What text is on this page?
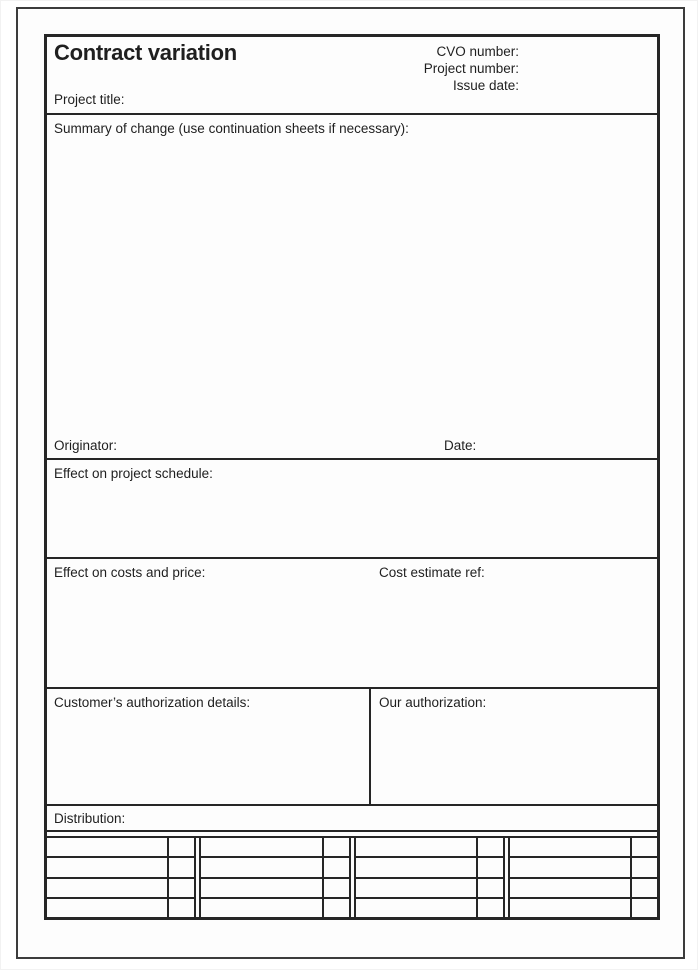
Contract variation
Project title:
CVO number:
Project number:
Issue date:
Summary of change (use continuation sheets if necessary):
Originator:	Date:
Effect on project schedule:
Effect on costs and price:	Cost estimate ref:
Customer’s authorization details:	Our authorization:
Distribution:
